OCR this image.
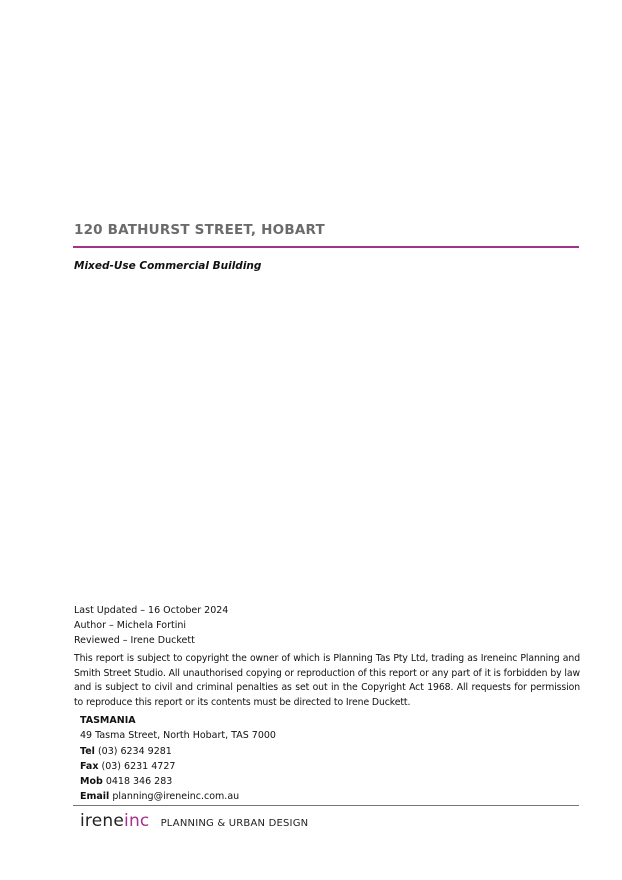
120 BATHURST STREET, HOBART
Mixed-Use Commercial Building
Last Updated – 16 October 2024
Author – Michela Fortini
Reviewed – Irene Duckett
This report is subject to copyright the owner of which is Planning Tas Pty Ltd, trading as Ireneinc Planning and Smith Street Studio. All unauthorised copying or reproduction of this report or any part of it is forbidden by law and is subject to civil and criminal penalties as set out in the Copyright Act 1968. All requests for permission to reproduce this report or its contents must be directed to Irene Duckett.
TASMANIA
49 Tasma Street, North Hobart, TAS 7000
Tel (03) 6234 9281
Fax (03) 6231 4727
Mob 0418 346 283
Email planning@ireneinc.com.au
ireneinc PLANNING & URBAN DESIGN
